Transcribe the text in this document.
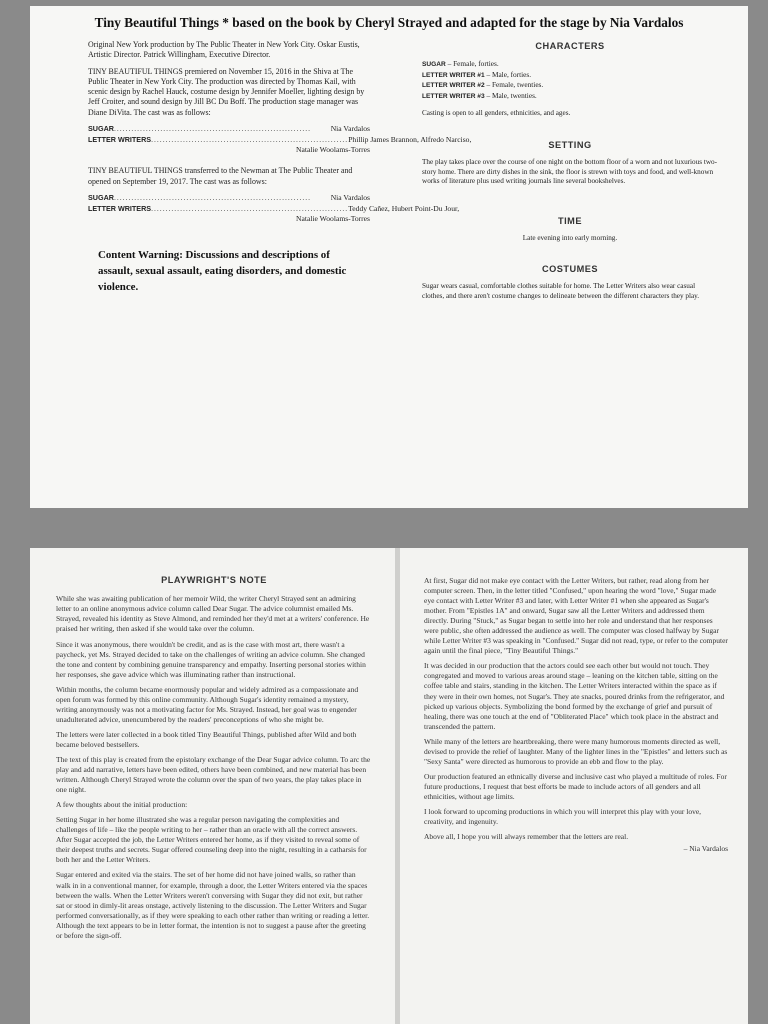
Tiny Beautiful Things * based on the book by Cheryl Strayed and adapted for the stage by Nia Vardalos
Original New York production by The Public Theater in New York City. Oskar Eustis, Artistic Director. Patrick Willingham, Executive Director.
TINY BEAUTIFUL THINGS premiered on November 15, 2016 in the Shiva at The Public Theater in New York City. The production was directed by Thomas Kail, with scenic design by Rachel Hauck, costume design by Jennifer Moeller, lighting design by Jeff Croiter, and sound design by Jill BC Du Boff. The production stage manager was Diane DiVita. The cast was as follows:
SUGAR ....................................................................	Nia Vardalos
LETTER WRITERS .................................................................... Phillip James Brannon, Alfredo Narciso,
Natalie Woolams-Torres
TINY BEAUTIFUL THINGS transferred to the Newman at The Public Theater and opened on September 19, 2017. The cast was as follows:
SUGAR ....................................................................	Nia Vardalos
LETTER WRITERS .................................................................... Teddy Cañez, Hubert Point-Du Jour,
Natalie Woolams-Torres
Content Warning: Discussions and descriptions of assault, sexual assault, eating disorders, and domestic violence.
CHARACTERS
SUGAR – Female, forties.
LETTER WRITER #1 – Male, forties.
LETTER WRITER #2 – Female, twenties.
LETTER WRITER #3 – Male, twenties.
Casting is open to all genders, ethnicities, and ages.
SETTING
The play takes place over the course of one night on the bottom floor of a worn and not luxurious two-story home. There are dirty dishes in the sink, the floor is strewn with toys and food, and well-known works of literature plus used writing journals line several bookshelves.
TIME
Late evening into early morning.
COSTUMES
Sugar wears casual, comfortable clothes suitable for home. The Letter Writers also wear casual clothes, and there aren't costume changes to delineate between the different characters they play.
PLAYWRIGHT'S NOTE
While she was awaiting publication of her memoir Wild, the writer Cheryl Strayed sent an admiring letter to an online anonymous advice column called Dear Sugar. The advice columnist emailed Ms. Strayed, revealed his identity as Steve Almond, and reminded her they'd met at a writers' conference. He praised her writing, then asked if she would take over the column.
Since it was anonymous, there wouldn't be credit, and as is the case with most art, there wasn't a paycheck, yet Ms. Strayed decided to take on the challenges of writing an advice column. She changed the tone and content by combining genuine transparency and empathy. Inserting personal stories within her responses, she gave advice which was illuminating rather than instructional.
Within months, the column became enormously popular and widely admired as a compassionate and open forum was formed by this online community. Although Sugar's identity remained a mystery, writing anonymously was not a motivating factor for Ms. Strayed. Instead, her goal was to engender unadulterated advice, unencumbered by the readers' preconceptions of who she might be.
The letters were later collected in a book titled Tiny Beautiful Things, published after Wild and both became beloved bestsellers.
The text of this play is created from the epistolary exchange of the Dear Sugar advice column. To arc the play and add narrative, letters have been edited, others have been combined, and new material has been written. Although Cheryl Strayed wrote the column over the span of two years, the play takes place in one night.
A few thoughts about the initial production:
Setting Sugar in her home illustrated she was a regular person navigating the complexities and challenges of life – like the people writing to her – rather than an oracle with all the correct answers. After Sugar accepted the job, the Letter Writers entered her home, as if they visited to reveal some of their deepest truths and secrets. Sugar offered counseling deep into the night, resulting in a catharsis for both her and the Letter Writers.
Sugar entered and exited via the stairs. The set of her home did not have joined walls, so rather than walk in in a conventional manner, for example, through a door, the Letter Writers entered via the spaces between the walls. When the Letter Writers weren't conversing with Sugar they did not exit, but rather sat or stood in dimly-lit areas onstage, actively listening to the discussion. The Letter Writers and Sugar performed conversationally, as if they were speaking to each other rather than writing or reading a letter. Although the text appears to be in letter format, the intention is not to suggest a pause after the greeting or before the sign-off.
At first, Sugar did not make eye contact with the Letter Writers, but rather, read along from her computer screen. Then, in the letter titled "Confused," upon hearing the word "love," Sugar made eye contact with Letter Writer #3 and later, with Letter Writer #1 when she appeared as Sugar's mother. From "Epistles 1A" and onward, Sugar saw all the Letter Writers and addressed them directly. During "Stuck," as Sugar began to settle into her role and understand that her responses were public, she often addressed the audience as well. The computer was closed halfway by Sugar while Letter Writer #3 was speaking in "Confused." Sugar did not read, type, or refer to the computer again until the final piece, "Tiny Beautiful Things."
It was decided in our production that the actors could see each other but would not touch. They congregated and moved to various areas around stage – leaning on the kitchen table, sitting on the coffee table and stairs, standing in the kitchen. The Letter Writers interacted within the space as if they were in their own homes, not Sugar's. They ate snacks, poured drinks from the refrigerator, and picked up various objects. Symbolizing the bond formed by the exchange of grief and pursuit of healing, there was one touch at the end of "Obliterated Place" which took place in the abstract and transcended the pattern.
While many of the letters are heartbreaking, there were many humorous moments directed as well, devised to provide the relief of laughter. Many of the lighter lines in the "Epistles" and letters such as "Sexy Santa" were directed as humorous to provide an ebb and flow to the play.
Our production featured an ethnically diverse and inclusive cast who played a multitude of roles. For future productions, I request that best efforts be made to include actors of all genders and all ethnicities, without age limits.
I look forward to upcoming productions in which you will interpret this play with your love, creativity, and ingenuity.
Above all, I hope you will always remember that the letters are real.
– Nia Vardalos
